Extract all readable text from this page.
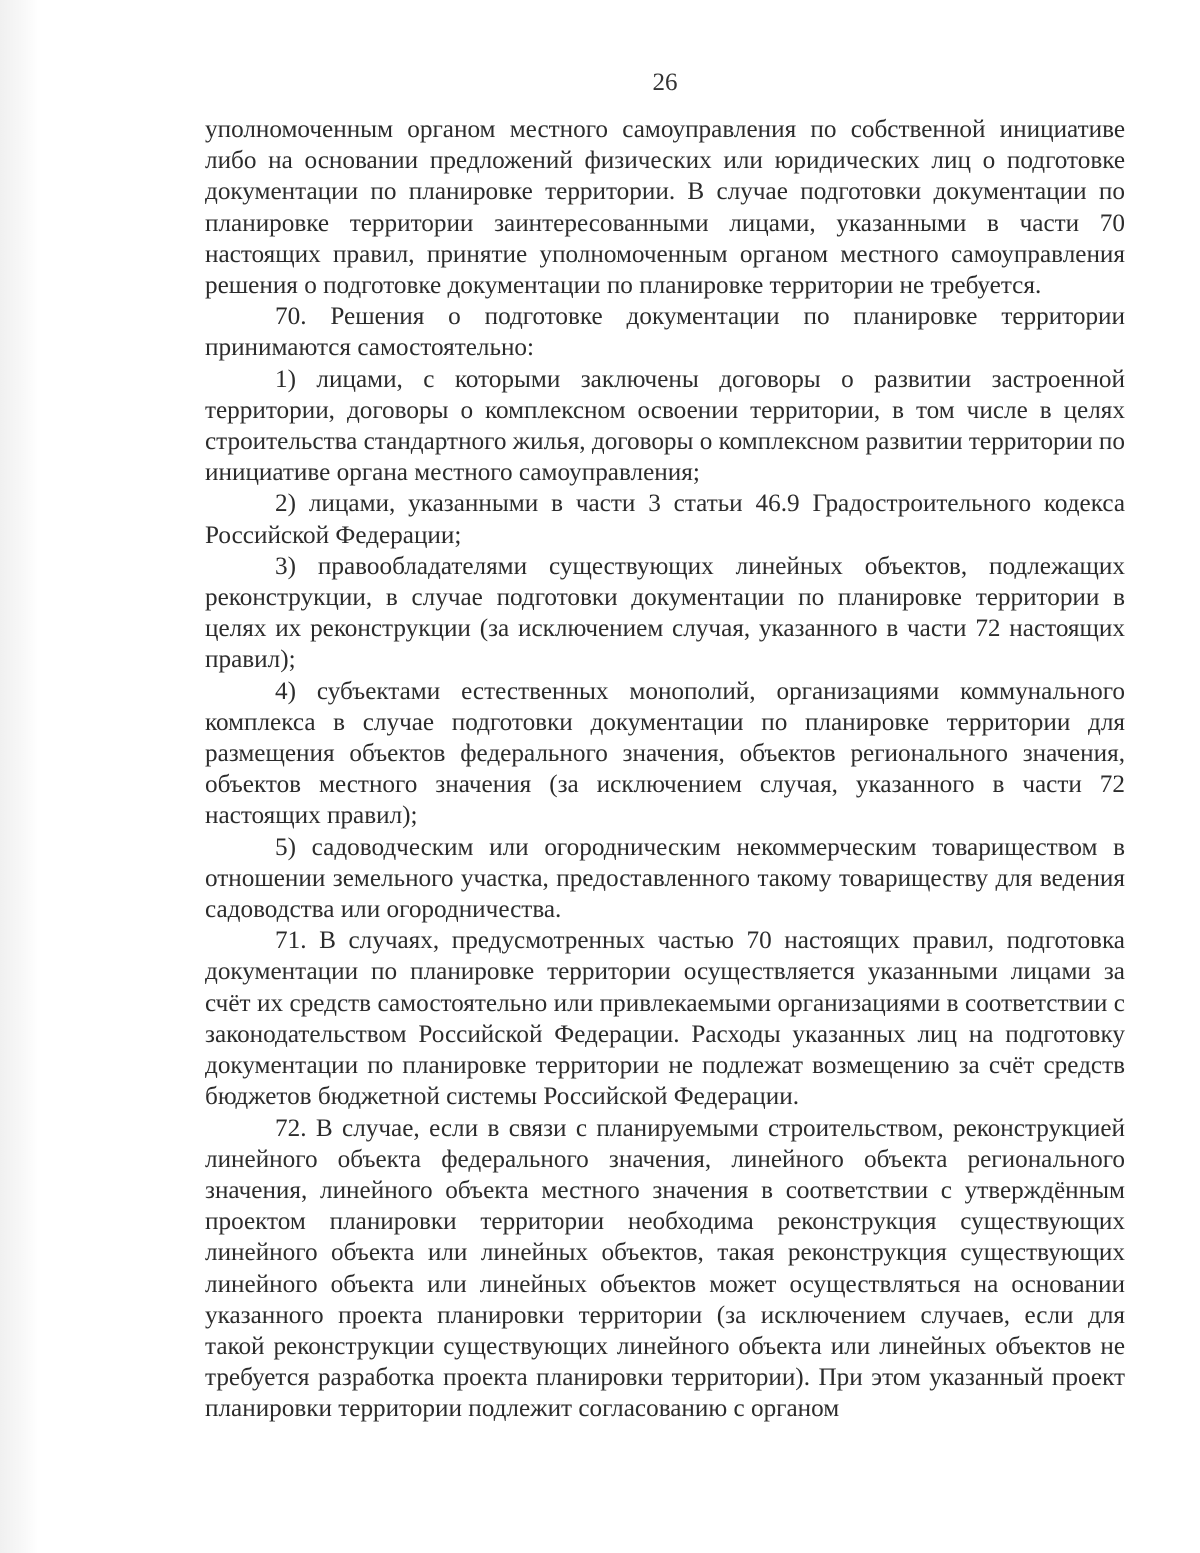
26

уполномоченным органом местного самоуправления по собственной инициативе либо на основании предложений физических или юридических лиц о подготовке документации по планировке территории. В случае подготовки документации по планировке территории заинтересованными лицами, указанными в части 70 настоящих правил, принятие уполномоченным органом местного самоуправления решения о подготовке документации по планировке территории не требуется.

70. Решения о подготовке документации по планировке территории принимаются самостоятельно:

1) лицами, с которыми заключены договоры о развитии застроенной территории, договоры о комплексном освоении территории, в том числе в целях строительства стандартного жилья, договоры о комплексном развитии территории по инициативе органа местного самоуправления;

2) лицами, указанными в части 3 статьи 46.9 Градостроительного кодекса Российской Федерации;

3) правообладателями существующих линейных объектов, подлежащих реконструкции, в случае подготовки документации по планировке территории в целях их реконструкции (за исключением случая, указанного в части 72 настоящих правил);

4) субъектами естественных монополий, организациями коммунального комплекса в случае подготовки документации по планировке территории для размещения объектов федерального значения, объектов регионального значения, объектов местного значения (за исключением случая, указанного в части 72 настоящих правил);

5) садоводческим или огородническим некоммерческим товариществом в отношении земельного участка, предоставленного такому товариществу для ведения садоводства или огородничества.

71. В случаях, предусмотренных частью 70 настоящих правил, подготовка документации по планировке территории осуществляется указанными лицами за счёт их средств самостоятельно или привлекаемыми организациями в соответствии с законодательством Российской Федерации. Расходы указанных лиц на подготовку документации по планировке территории не подлежат возмещению за счёт средств бюджетов бюджетной системы Российской Федерации.

72. В случае, если в связи с планируемыми строительством, реконструкцией линейного объекта федерального значения, линейного объекта регионального значения, линейного объекта местного значения в соответствии с утверждённым проектом планировки территории необходима реконструкция существующих линейного объекта или линейных объектов, такая реконструкция существующих линейного объекта или линейных объектов может осуществляться на основании указанного проекта планировки территории (за исключением случаев, если для такой реконструкции существующих линейного объекта или линейных объектов не требуется разработка проекта планировки территории). При этом указанный проект планировки территории подлежит согласованию с органом
